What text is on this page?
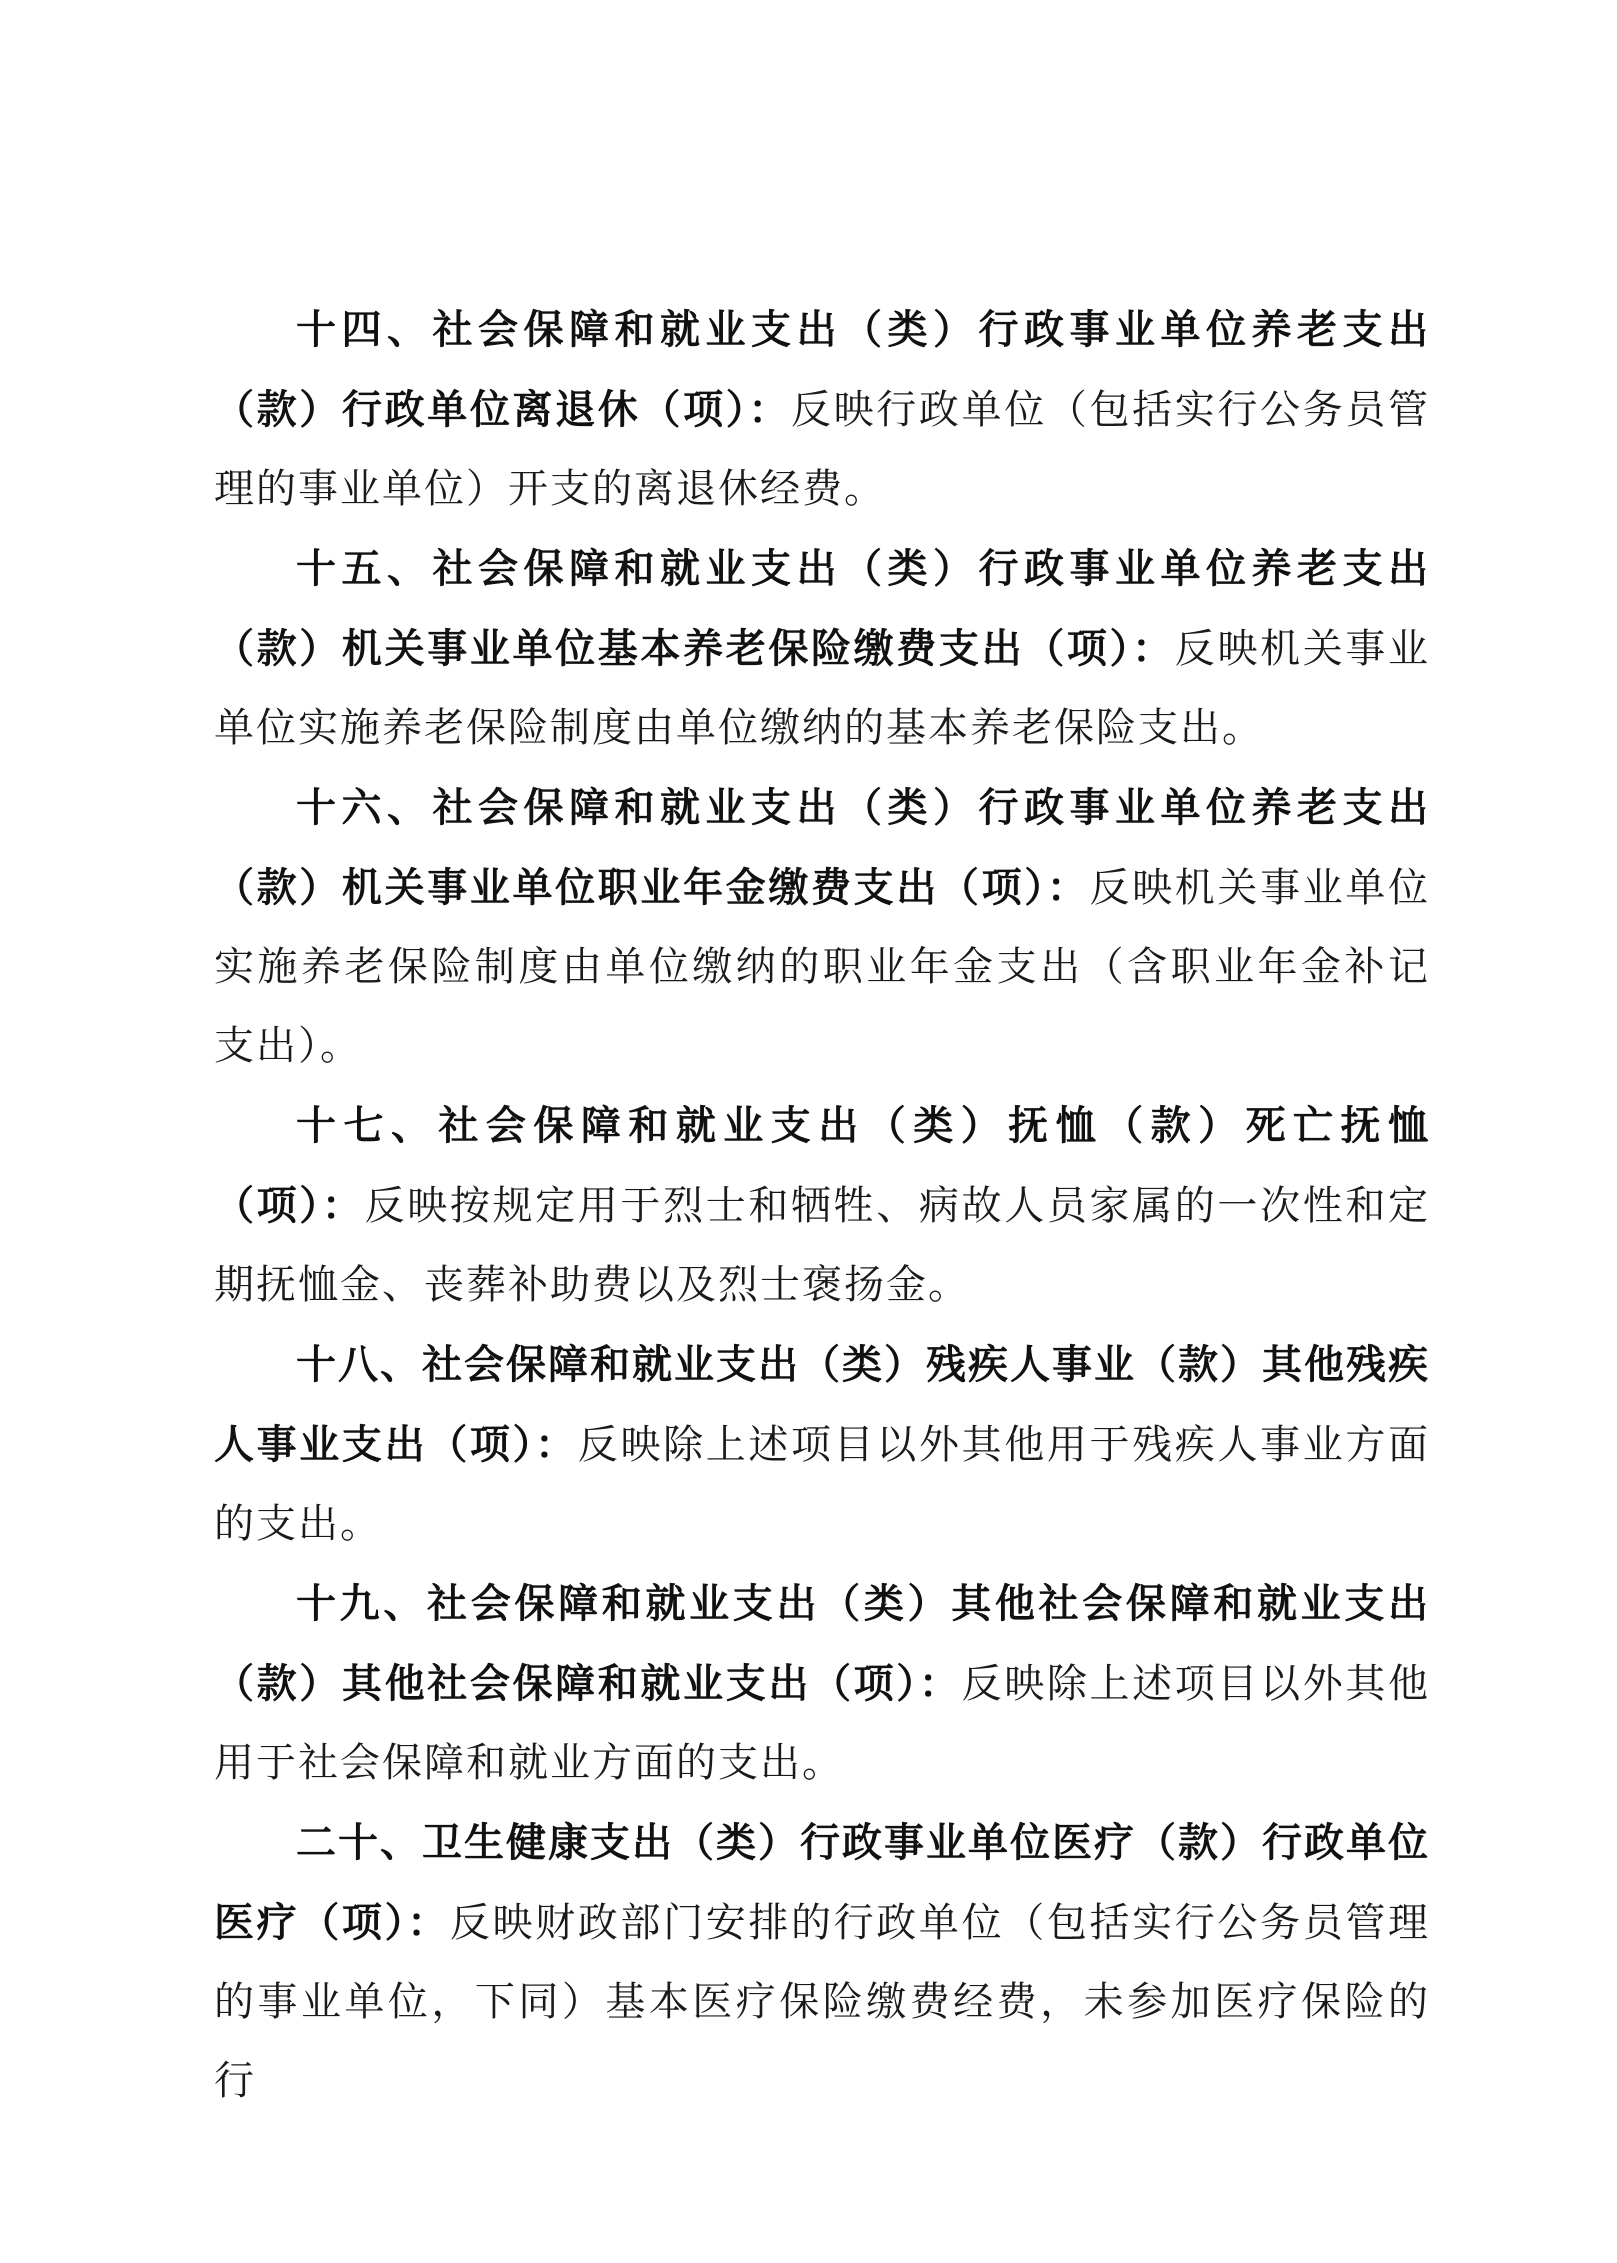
十四、社会保障和就业支出（类）行政事业单位养老支出（款）行政单位离退休（项）：反映行政单位（包括实行公务员管理的事业单位）开支的离退休经费。

十五、社会保障和就业支出（类）行政事业单位养老支出（款）机关事业单位基本养老保险缴费支出（项）：反映机关事业单位实施养老保险制度由单位缴纳的基本养老保险支出。

十六、社会保障和就业支出（类）行政事业单位养老支出（款）机关事业单位职业年金缴费支出（项）：反映机关事业单位实施养老保险制度由单位缴纳的职业年金支出（含职业年金补记支出）。

十七、社会保障和就业支出（类）抚恤（款）死亡抚恤（项）：反映按规定用于烈士和牺牲、病故人员家属的一次性和定期抚恤金、丧葬补助费以及烈士褒扬金。

十八、社会保障和就业支出（类）残疾人事业（款）其他残疾人事业支出（项）：反映除上述项目以外其他用于残疾人事业方面的支出。

十九、社会保障和就业支出（类）其他社会保障和就业支出（款）其他社会保障和就业支出（项）：反映除上述项目以外其他用于社会保障和就业方面的支出。

二十、卫生健康支出（类）行政事业单位医疗（款）行政单位医疗（项）：反映财政部门安排的行政单位（包括实行公务员管理的事业单位，下同）基本医疗保险缴费经费，未参加医疗保险的行
